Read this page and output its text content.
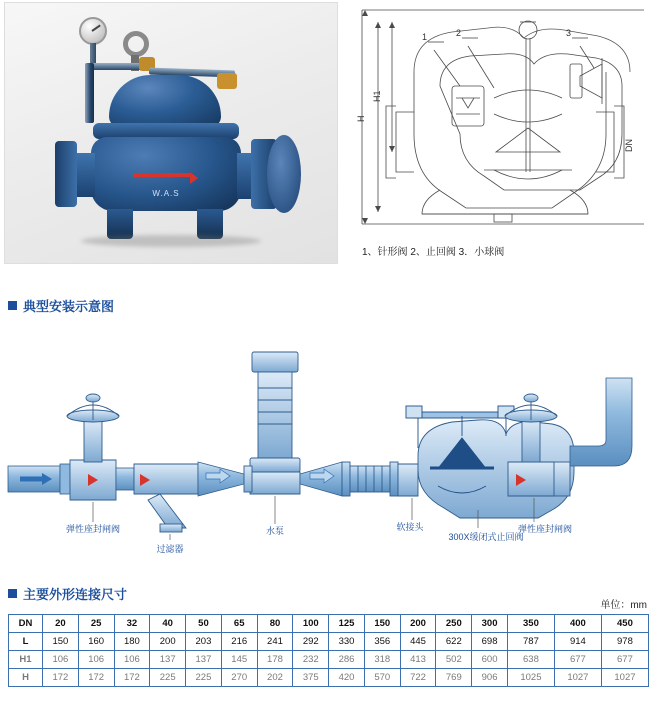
W.A.S
H
H1
DN
1	2	3
1、针形阀 2、止回阀 3．小球阀
典型安装示意图
弹性座封闸阀
过滤器
水泵	软接头
300X缓闭式止回阀
弹性座封闸阀
主要外形连接尺寸
单位：mm
DN	20	25	32	40	50	65	80	100	125	150	200	250	300	350	400	450
L	150	160	180	200	203	216	241	292	330	356	445	622	698	787	914	978
H1	106	106	106	137	137	145	178	232	286	318	413	502	600	638	677	677
H	172	172	172	225	225	270	202	375	420	570	722	769	906	1025	1027	1027
